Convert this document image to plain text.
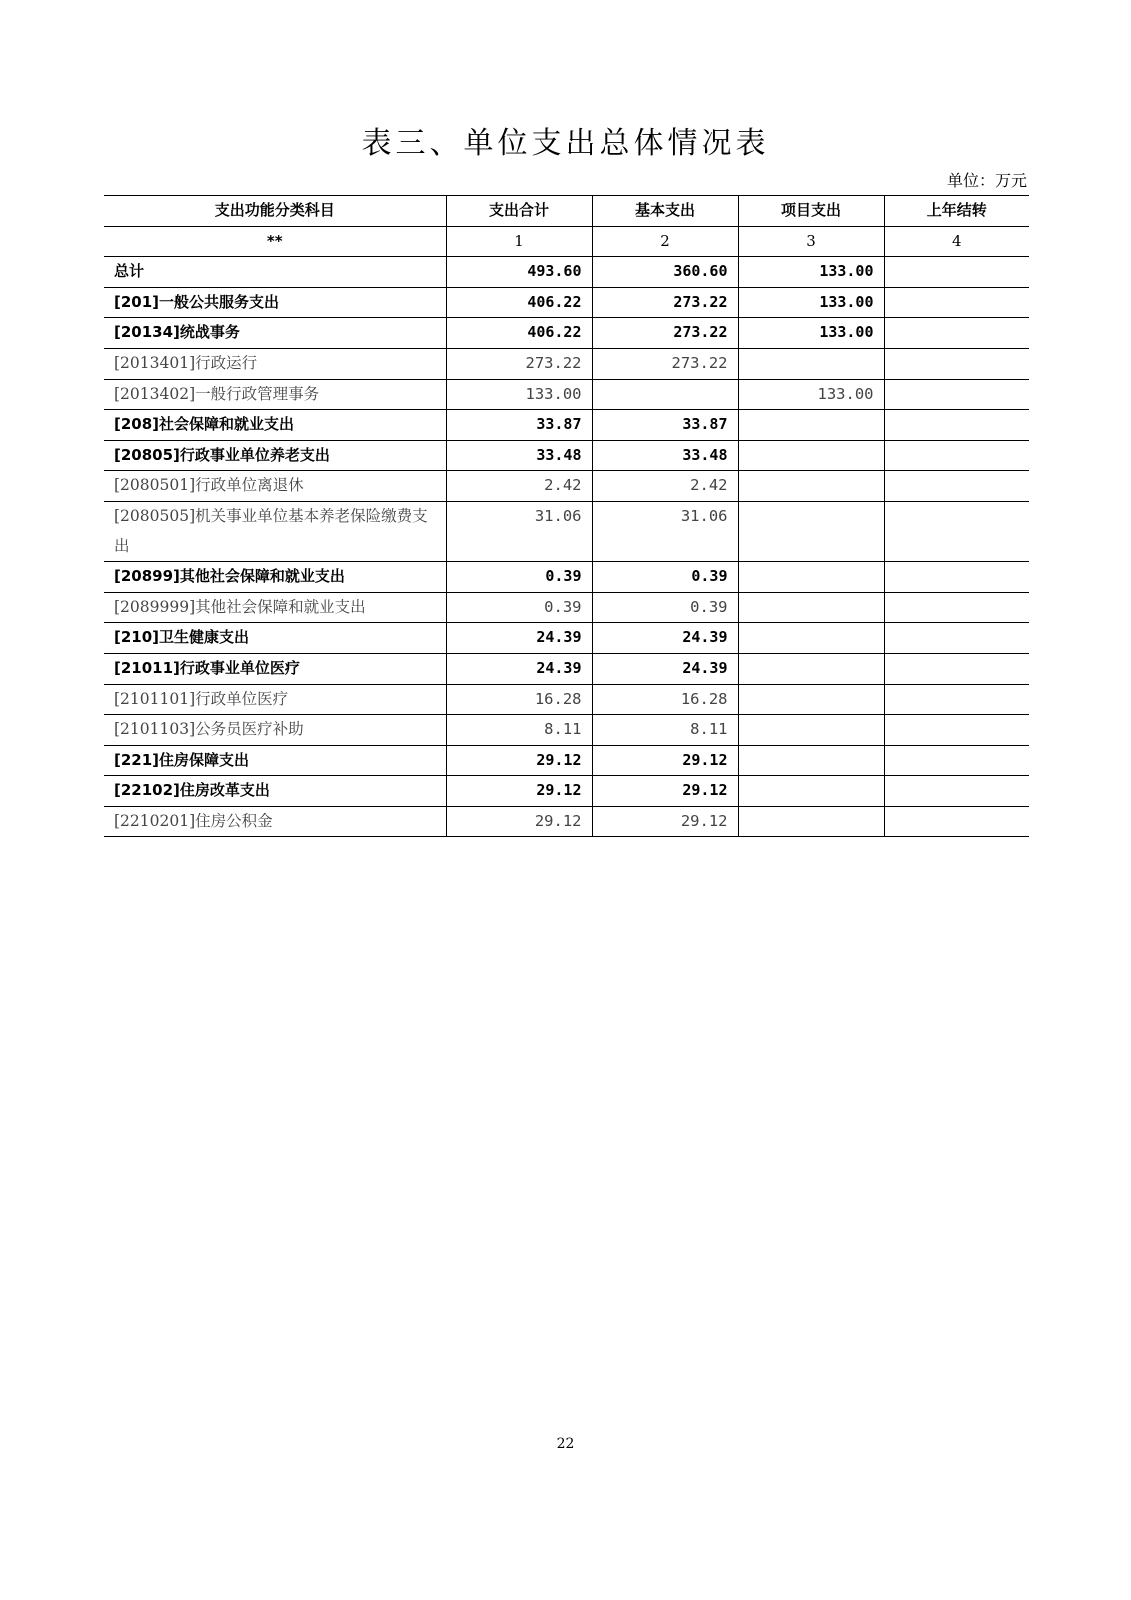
表三、单位支出总体情况表
单位：万元
支出功能分类科目	支出合计	基本支出	项目支出	上年结转
**	1	2	3	4
总计	493.60	360.60	133.00	
[201]一般公共服务支出	406.22	273.22	133.00	
[20134]统战事务	406.22	273.22	133.00	
[2013401]行政运行	273.22	273.22		
[2013402]一般行政管理事务	133.00		133.00	
[208]社会保障和就业支出	33.87	33.87		
[20805]行政事业单位养老支出	33.48	33.48		
[2080501]行政单位离退休	2.42	2.42		
[2080505]机关事业单位基本养老保险缴费支出	31.06	31.06		
[20899]其他社会保障和就业支出	0.39	0.39		
[2089999]其他社会保障和就业支出	0.39	0.39		
[210]卫生健康支出	24.39	24.39		
[21011]行政事业单位医疗	24.39	24.39		
[2101101]行政单位医疗	16.28	16.28		
[2101103]公务员医疗补助	8.11	8.11		
[221]住房保障支出	29.12	29.12		
[22102]住房改革支出	29.12	29.12		
[2210201]住房公积金	29.12	29.12		
22
